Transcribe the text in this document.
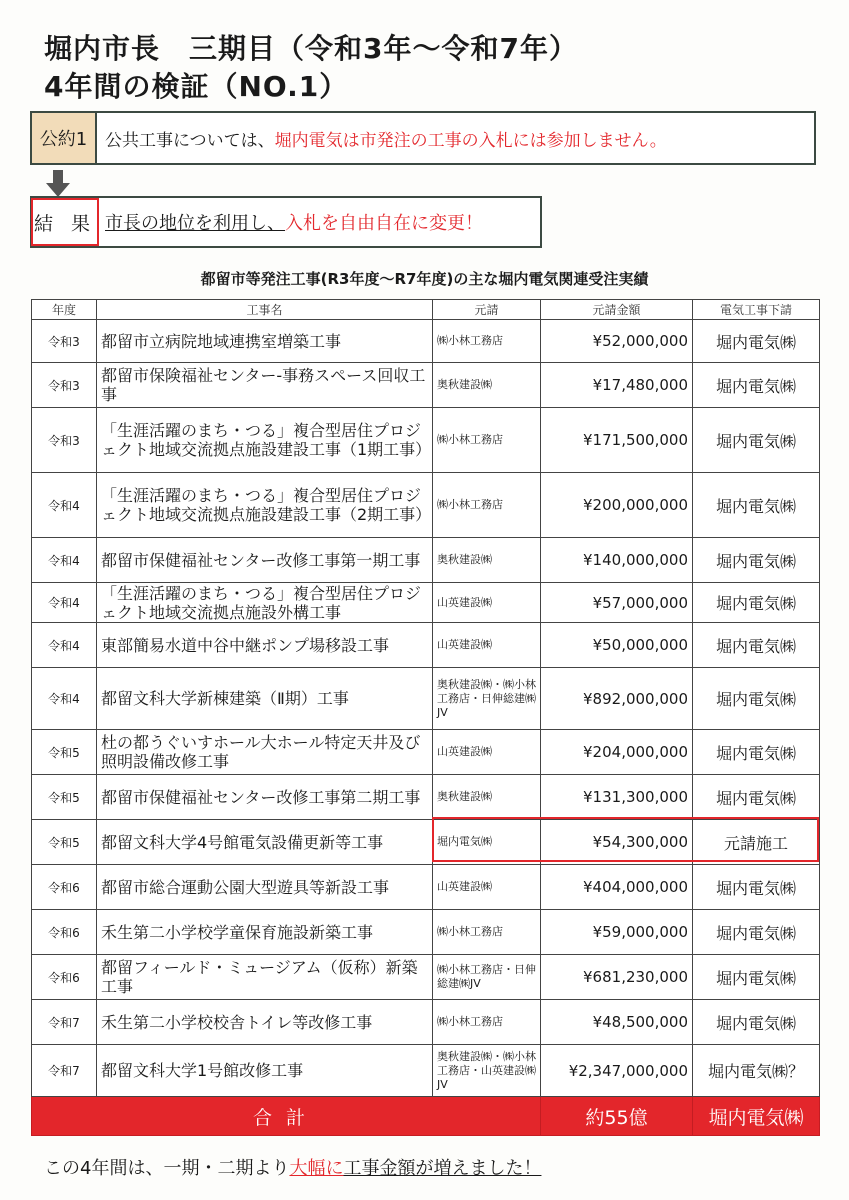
堀内市長　三期目（令和3年～令和7年）
4年間の検証（NO.1）
公約1	公共工事については、堀内電気は市発注の工事の入札には参加しません。
結 果 市長の地位を利用し、入札を自由自在に変更！
都留市等発注工事(R3年度～R7年度)の主な堀内電気関連受注実績
年度	工事名	元請	元請金額	電気工事下請
令和3	都留市立病院地域連携室増築工事	㈱小林工務店	¥52,000,000	堀内電気㈱
令和3	都留市保険福祉センター-事務スペース回収工事	奥秋建設㈱	¥17,480,000	堀内電気㈱
令和3	「生涯活躍のまち・つる」複合型居住プロジェクト地域交流拠点施設建設工事（1期工事）	㈱小林工務店	¥171,500,000	堀内電気㈱
令和4	「生涯活躍のまち・つる」複合型居住プロジェクト地域交流拠点施設建設工事（2期工事）	㈱小林工務店	¥200,000,000	堀内電気㈱
令和4	都留市保健福祉センター改修工事第一期工事	奥秋建設㈱	¥140,000,000	堀内電気㈱
令和4	「生涯活躍のまち・つる」複合型居住プロジェクト地域交流拠点施設外構工事	山英建設㈱	¥57,000,000	堀内電気㈱
令和4	東部簡易水道中谷中継ポンプ場移設工事	山英建設㈱	¥50,000,000	堀内電気㈱
令和4	都留文科大学新棟建築（Ⅱ期）工事	奥秋建設㈱・㈱小林工務店・日伸総建㈱JV	¥892,000,000	堀内電気㈱
令和5	杜の都うぐいすホール大ホール特定天井及び照明設備改修工事	山英建設㈱	¥204,000,000	堀内電気㈱
令和5	都留市保健福祉センター改修工事第二期工事	奥秋建設㈱	¥131,300,000	堀内電気㈱
令和5	都留文科大学4号館電気設備更新等工事	堀内電気㈱	¥54,300,000	元請施工
令和6	都留市総合運動公園大型遊具等新設工事	山英建設㈱	¥404,000,000	堀内電気㈱
令和6	禾生第二小学校学童保育施設新築工事	㈱小林工務店	¥59,000,000	堀内電気㈱
令和6	都留フィールド・ミュージアム（仮称）新築工事	㈱小林工務店・日伸総建㈱JV	¥681,230,000	堀内電気㈱
令和7	禾生第二小学校校舎トイレ等改修工事	㈱小林工務店	¥48,500,000	堀内電気㈱
令和7	都留文科大学1号館改修工事	奥秋建設㈱・㈱小林工務店・山英建設㈱JV	¥2,347,000,000	堀内電気㈱？
合計			約55億	堀内電気㈱
この4年間は、一期・二期より大幅に工事金額が増えました！
